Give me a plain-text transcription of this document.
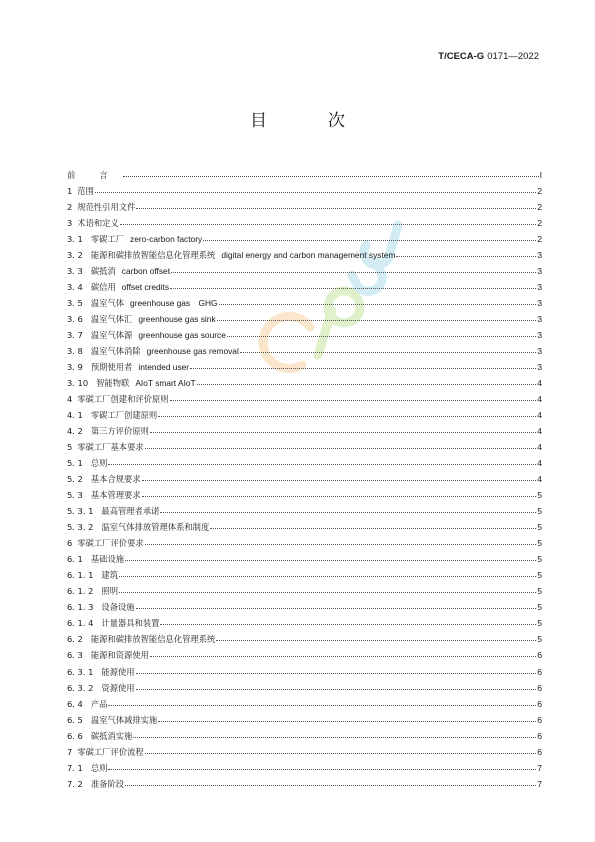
T/CECA-G 0171—2022
目　次
前	言	I
1 范围	2
2 规范性引用文件	2
3 术语和定义	2
3. 1 零碳工厂 zero-carbon factory	2
3. 2 能源和碳排放智能信息化管理系统 digital energy and carbon management system	3
3. 3 碳抵消 carbon offset	3
3. 4 碳信用 offset credits	3
3. 5 温室气体 greenhouse gas　GHG	3
3. 6 温室气体汇 greenhouse gas sink	3
3. 7 温室气体源 greenhouse gas source	3
3. 8 温室气体消除 greenhouse gas removal	3
3. 9 预期使用者 intended user	3
3. 10 智能物联 AIoT smart AIoT	4
4 零碳工厂创建和评价原则	4
4. 1 零碳工厂创建原则	4
4. 2 第三方评价原则	4
5 零碳工厂基本要求	4
5. 1 总则	4
5. 2 基本合规要求	4
5. 3 基本管理要求	5
5. 3. 1 最高管理者承诺	5
5. 3. 2 温室气体排放管理体系和制度	5
6 零碳工厂评价要求	5
6. 1 基础设施	5
6. 1. 1 建筑	5
6. 1. 2 照明	5
6. 1. 3 设备设施	5
6. 1. 4 计量器具和装置	5
6. 2 能源和碳排放智能信息化管理系统	5
6. 3 能源和资源使用	6
6. 3. 1 能源使用	6
6. 3. 2 资源使用	6
6. 4 产品	6
6. 5 温室气体减排实施	6
6. 6 碳抵消实施	6
7 零碳工厂评价流程	6
7. 1 总则	7
7. 2 准备阶段	7
